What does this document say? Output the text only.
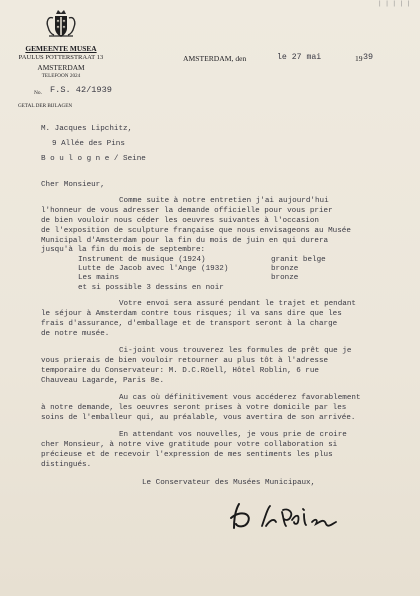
| | | | |
GEMEENTE MUSEA
PAULUS POTTERSTRAAT 13
AMSTERDAM
TELEFOON 2024
No. F.S. 42/1939
GETAL DER BIJLAGEN
AMSTERDAM, den	le 27 mai	19 39
M. Jacques Lipchitz,
9 Allée des Pins
B o u l o g n e / Seine
Cher Monsieur,
Comme suite à notre entretien j'ai aujourd'hui
l'honneur de vous adresser la demande officielle pour vous prier
de bien vouloir nous céder les oeuvres suivantes à l'occasion
de l'exposition de sculpture française que nous envisageons au Musée
Municipal d'Amsterdam pour la fin du mois de juin en qui durera
jusqu'à la fin du mois de septembre:
Instrument de musique (1924)	granit belge
Lutte de Jacob avec l'Ange (1932)	bronze
Les mains	bronze
et si possible 3 dessins en noir
Votre envoi sera assuré pendant le trajet et pendant
le séjour à Amsterdam contre tous risques; il va sans dire que les
frais d'assurance, d'emballage et de transport seront à la charge
de notre musée.
Ci-joint vous trouverez les formules de prêt que je
vous prierais de bien vouloir retourner au plus tôt à l'adresse
temporaire du Conservateur: M. D.C.Röell, Hôtel Roblin, 6 rue
Chauveau Lagarde, Paris 8e.
Au cas où définitivement vous accéderez favorablement
à notre demande, les oeuvres seront prises à votre domicile par les
soins de l'emballeur qui, au préalable, vous avertira de son arrivée.
En attendant vos nouvelles, je vous prie de croire
cher Monsieur, à notre vive gratitude pour votre collaboration si
précieuse et de recevoir l'expression de mes sentiments les plus
distingués.
Le Conservateur des Musées Municipaux,
